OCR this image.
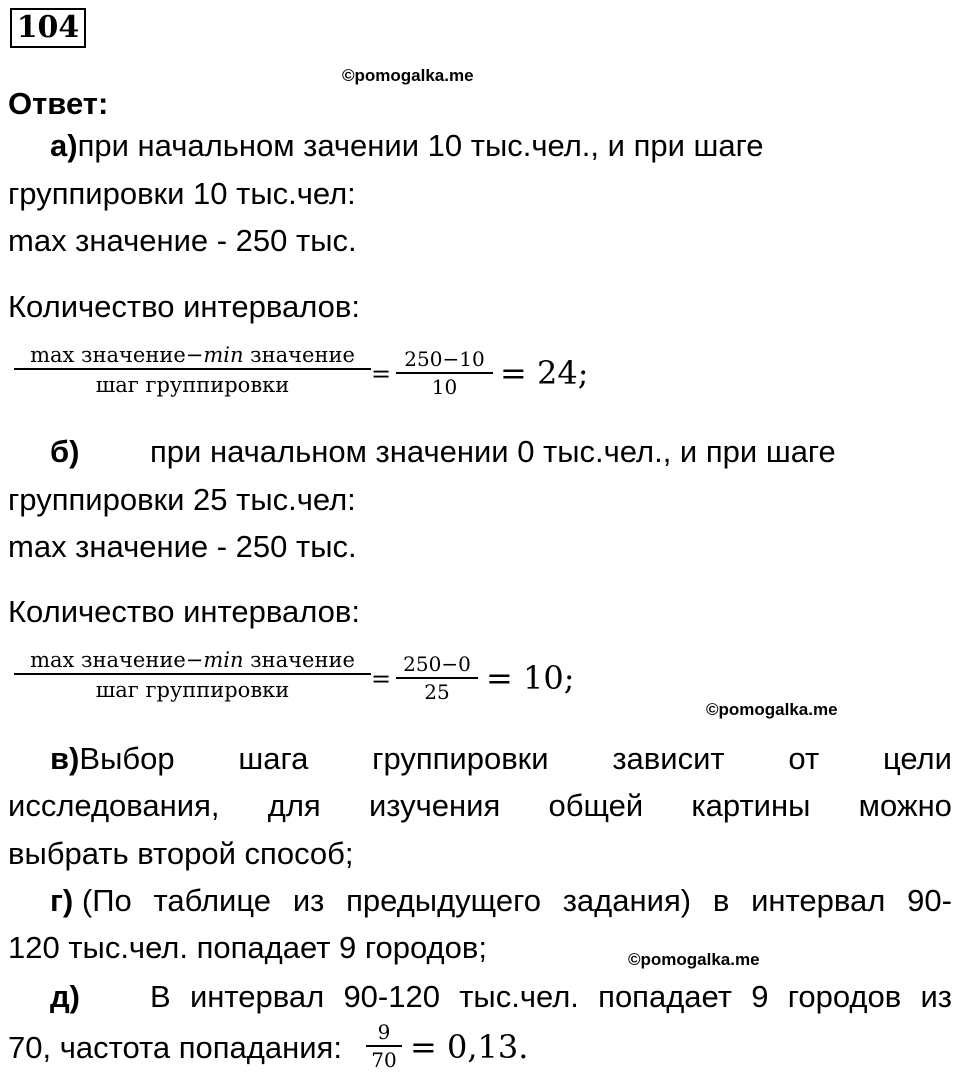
104
©pomogalka.me
Ответ:
а)при начальном зачении 10 тыс.чел., и при шаге
группировки 10 тыс.чел:
max значение - 250 тыс.
Количество интервалов:
max значение−min значение
шаг группировки	=
250−10
10	= 24;
б) при начальном значении 0 тыс.чел., и при шаге
группировки 25 тыс.чел:
max значение - 250 тыс.
Количество интервалов:
max значение−min значение
шаг группировки	=
250−0
25	= 10;
©pomogalka.me
в)Выбор шага группировки зависит от цели
исследования, для изучения общей картины можно
выбрать второй способ;
г) (По таблице из предыдущего задания) в интервал 90-
120 тыс.чел. попадает 9 городов;	©pomogalka.me
д) В интервал 90-120 тыс.чел. попадает 9 городов из
70, частота попадания:	9
70 = 0,13.
